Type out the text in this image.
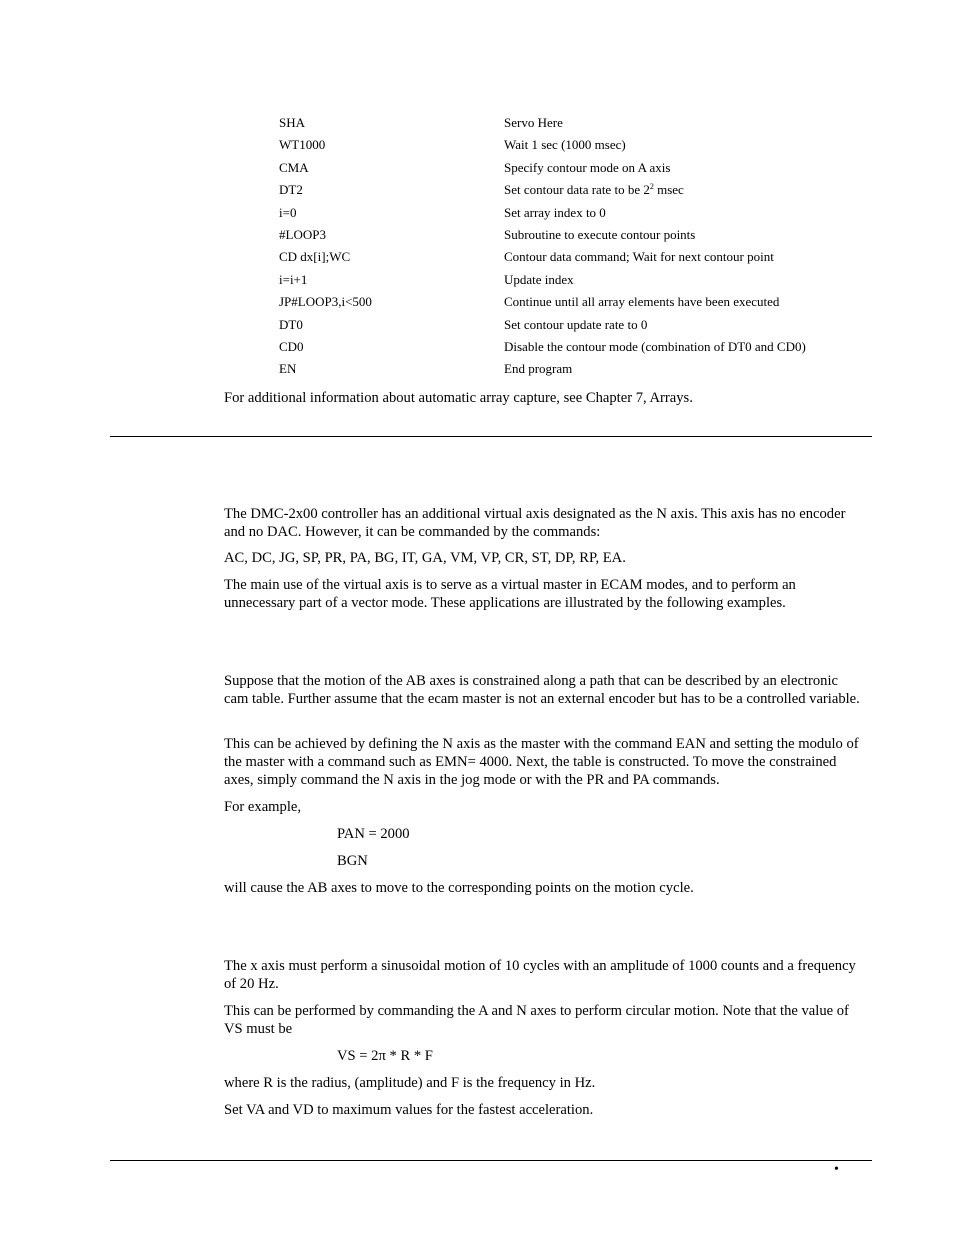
SHA	Servo Here
WT1000	Wait 1 sec (1000 msec)
CMA	Specify contour mode on A axis
DT2	Set contour data rate to be $2^2$ msec
i=0	Set array index to 0
#LOOP3	Subroutine to execute contour points
CD dx[i];WC	Contour data command; Wait for next contour point
i=i+1	Update index
JP#LOOP3,i<500	Continue until all array elements have been executed
DT0	Set contour update rate to 0
CD0	Disable the contour mode (combination of DT0 and CD0)
EN	End program

For additional information about automatic array capture, see Chapter 7, Arrays.

The DMC-2x00 controller has an additional virtual axis designated as the N axis. This axis has no encoder and no DAC. However, it can be commanded by the commands:

AC, DC, JG, SP, PR, PA, BG, IT, GA, VM, VP, CR, ST, DP, RP, EA.

The main use of the virtual axis is to serve as a virtual master in ECAM modes, and to perform an unnecessary part of a vector mode. These applications are illustrated by the following examples.

Suppose that the motion of the AB axes is constrained along a path that can be described by an electronic cam table. Further assume that the ecam master is not an external encoder but has to be a controlled variable.

This can be achieved by defining the N axis as the master with the command EAN and setting the modulo of the master with a command such as EMN= 4000. Next, the table is constructed. To move the constrained axes, simply command the N axis in the jog mode or with the PR and PA commands.

For example,

PAN = 2000

BGN

will cause the AB axes to move to the corresponding points on the motion cycle.

The x axis must perform a sinusoidal motion of 10 cycles with an amplitude of 1000 counts and a frequency of 20 Hz.

This can be performed by commanding the A and N axes to perform circular motion. Note that the value of VS must be

VS = 2π * R * F

where R is the radius, (amplitude) and F is the frequency in Hz.

Set VA and VD to maximum values for the fastest acceleration.

•
